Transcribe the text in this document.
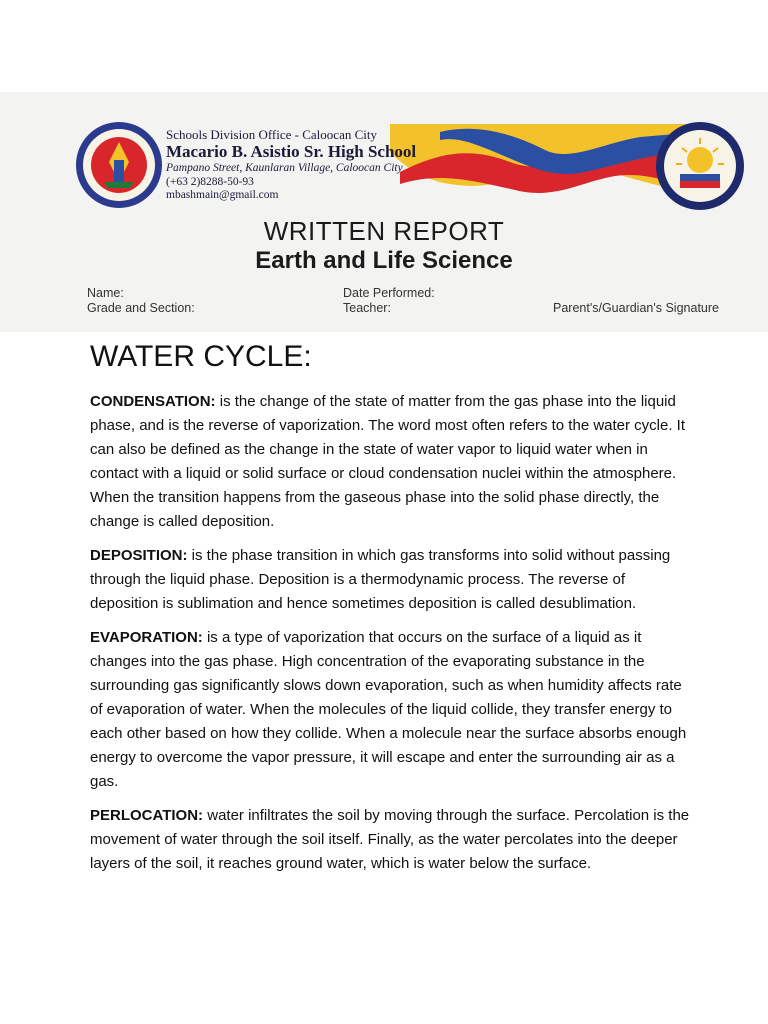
Schools Division Office - Caloocan City
Macario B. Asistio Sr. High School
Pampano Street, Kaunlaran Village, Caloocan City
(+63 2)8288-50-93
mbashmain@gmail.com
WRITTEN REPORT
Earth and Life Science
Name:
Grade and Section:
Date Performed:
Teacher:	Parent's/Guardian's Signature
WATER CYCLE:

CONDENSATION: is the change of the state of matter from the gas phase into the liquid phase, and is the reverse of vaporization. The word most often refers to the water cycle. It can also be defined as the change in the state of water vapor to liquid water when in contact with a liquid or solid surface or cloud condensation nuclei within the atmosphere. When the transition happens from the gaseous phase into the solid phase directly, the change is called deposition.

DEPOSITION: is the phase transition in which gas transforms into solid without passing through the liquid phase. Deposition is a thermodynamic process. The reverse of deposition is sublimation and hence sometimes deposition is called desublimation.

EVAPORATION: is a type of vaporization that occurs on the surface of a liquid as it changes into the gas phase. High concentration of the evaporating substance in the surrounding gas significantly slows down evaporation, such as when humidity affects rate of evaporation of water. When the molecules of the liquid collide, they transfer energy to each other based on how they collide. When a molecule near the surface absorbs enough energy to overcome the vapor pressure, it will escape and enter the surrounding air as a gas.

PERLOCATION: water infiltrates the soil by moving through the surface. Percolation is the movement of water through the soil itself. Finally, as the water percolates into the deeper layers of the soil, it reaches ground water, which is water below the surface.
